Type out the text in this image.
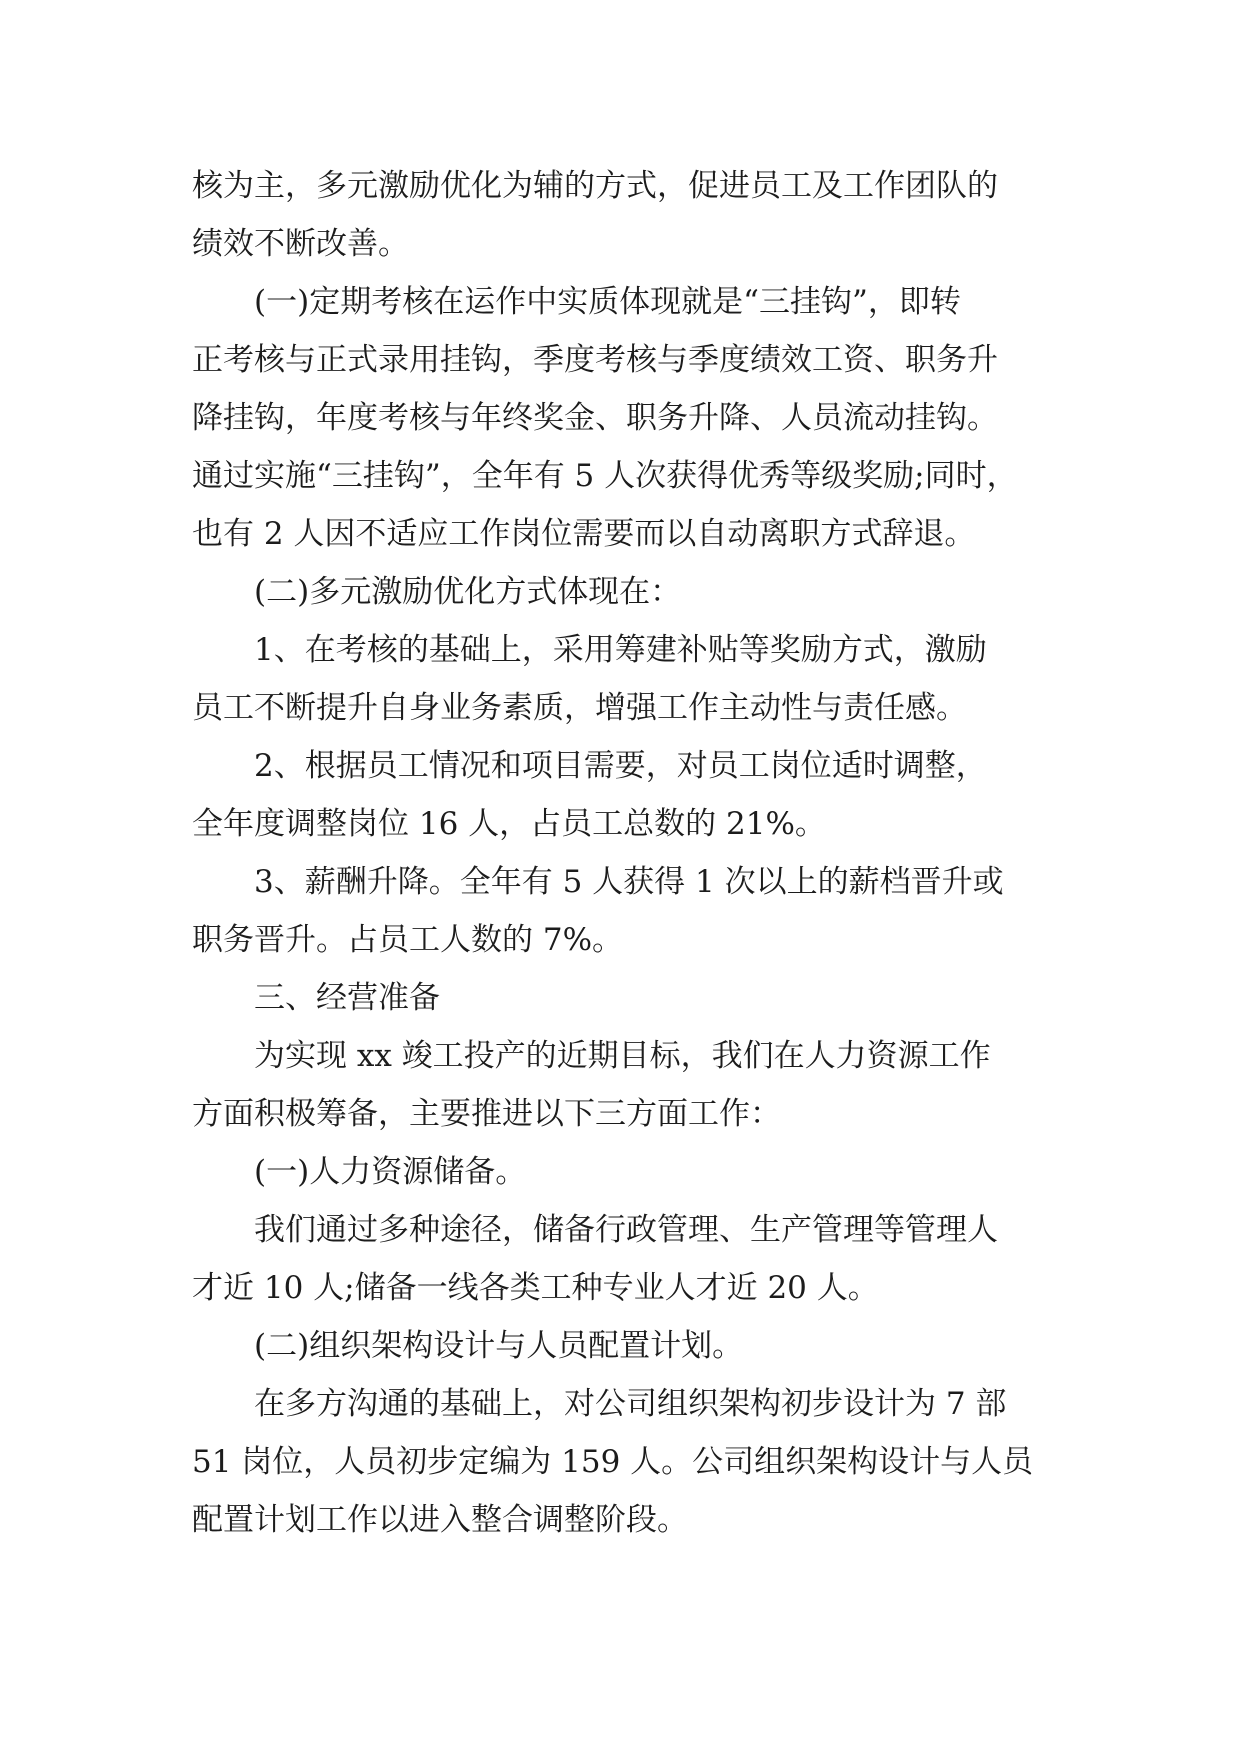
核为主，多元激励优化为辅的方式，促进员工及工作团队的
绩效不断改善。
(一)定期考核在运作中实质体现就是“三挂钩”，即转
正考核与正式录用挂钩，季度考核与季度绩效工资、职务升
降挂钩，年度考核与年终奖金、职务升降、人员流动挂钩。
通过实施“三挂钩”，全年有 5 人次获得优秀等级奖励;同时，
也有 2 人因不适应工作岗位需要而以自动离职方式辞退。
(二)多元激励优化方式体现在：
1、在考核的基础上，采用筹建补贴等奖励方式，激励
员工不断提升自身业务素质，增强工作主动性与责任感。
2、根据员工情况和项目需要，对员工岗位适时调整，
全年度调整岗位 16 人，占员工总数的 21%。
3、薪酬升降。全年有 5 人获得 1 次以上的薪档晋升或
职务晋升。占员工人数的 7%。
三、经营准备
为实现 xx 竣工投产的近期目标，我们在人力资源工作
方面积极筹备，主要推进以下三方面工作：
(一)人力资源储备。
我们通过多种途径，储备行政管理、生产管理等管理人
才近 10 人;储备一线各类工种专业人才近 20 人。
(二)组织架构设计与人员配置计划。
在多方沟通的基础上，对公司组织架构初步设计为 7 部
51 岗位，人员初步定编为 159 人。公司组织架构设计与人员
配置计划工作以进入整合调整阶段。
